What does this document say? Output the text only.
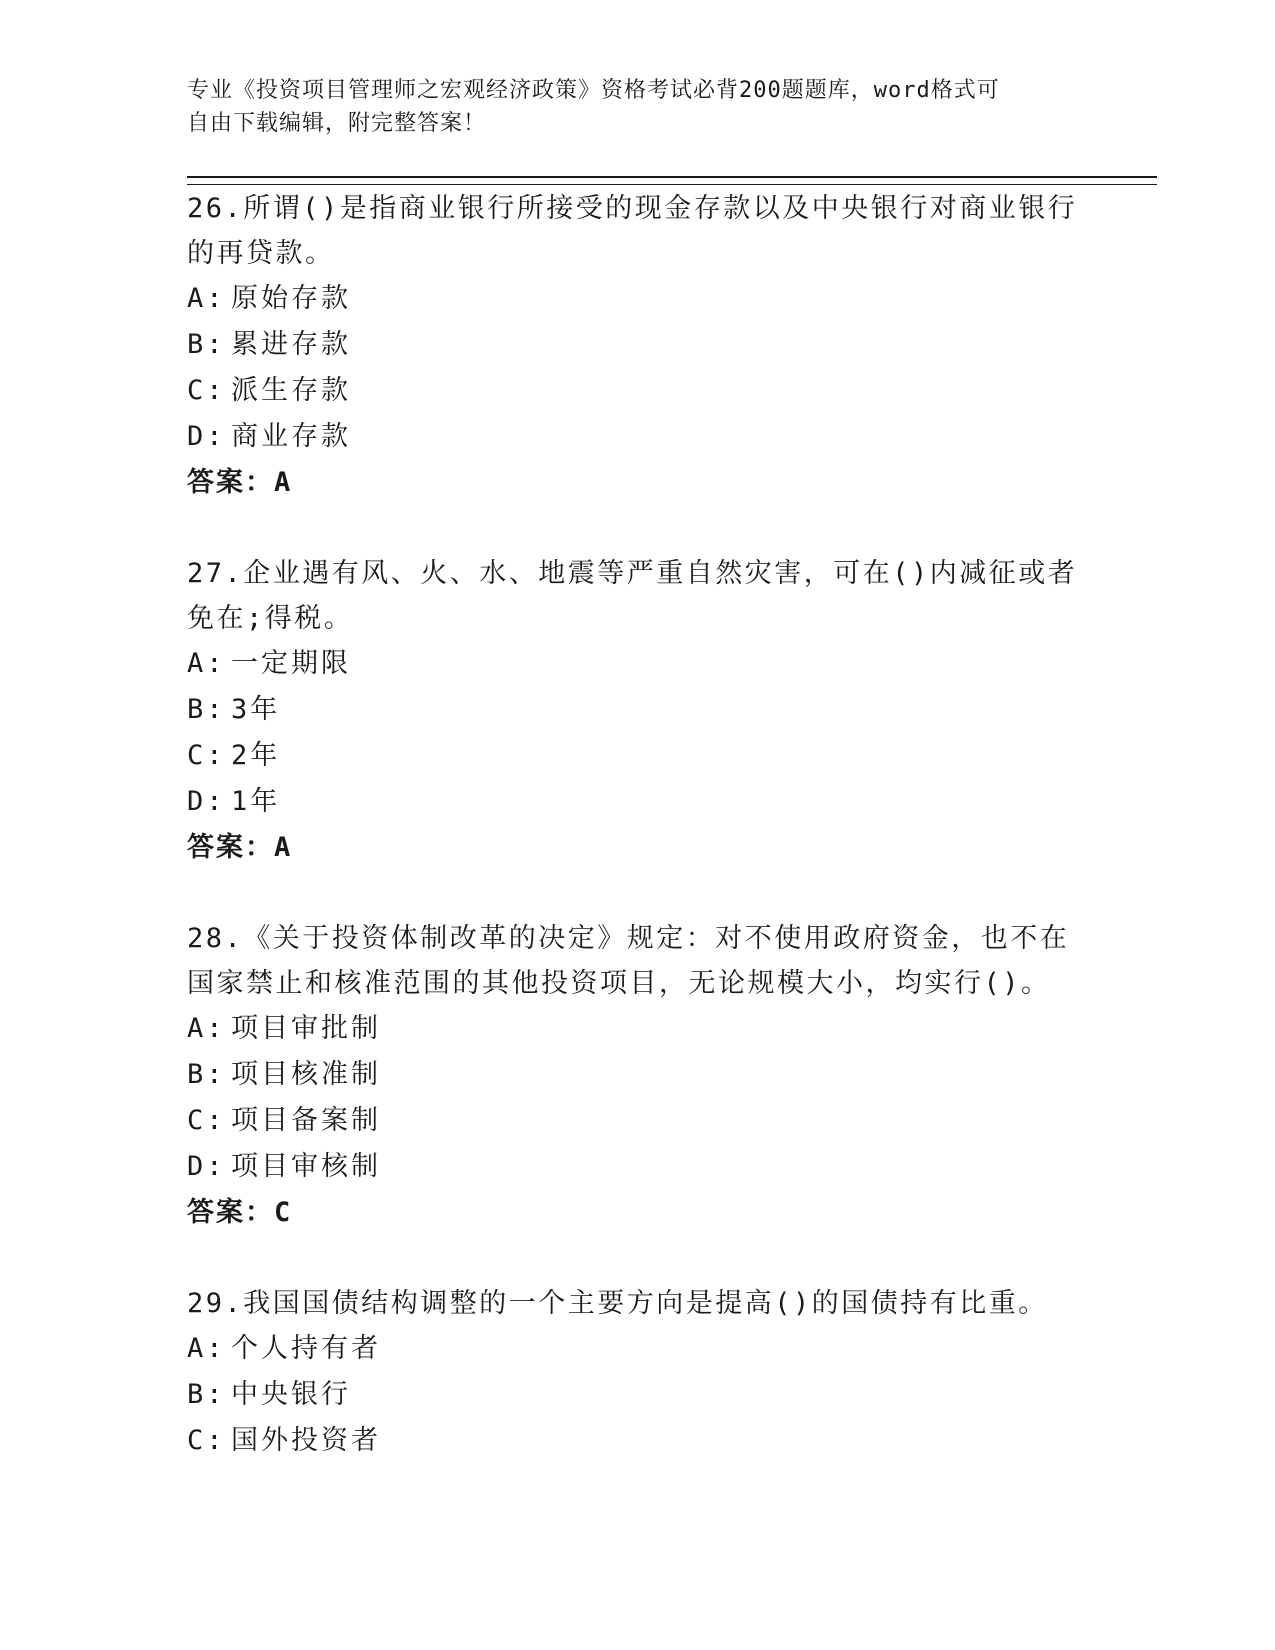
专业《投资项目管理师之宏观经济政策》资格考试必背200题题库，word格式可
自由下载编辑，附完整答案！

26.所谓()是指商业银行所接受的现金存款以及中央银行对商业银行的再贷款。

A: 原始存款
B: 累进存款
C: 派生存款
D: 商业存款
答案：A

27.企业遇有风、火、水、地震等严重自然灾害，可在()内减征或者免在;得税。

A: 一定期限
B: 3年
C: 2年
D: 1年
答案：A

28.《关于投资体制改革的决定》规定：对不使用政府资金，也不在国家禁止和核准范围的其他投资项目，无论规模大小，均实行()。

A: 项目审批制
B: 项目核准制
C: 项目备案制
D: 项目审核制
答案：C

29.我国国债结构调整的一个主要方向是提高()的国债持有比重。

A: 个人持有者
B: 中央银行
C: 国外投资者
